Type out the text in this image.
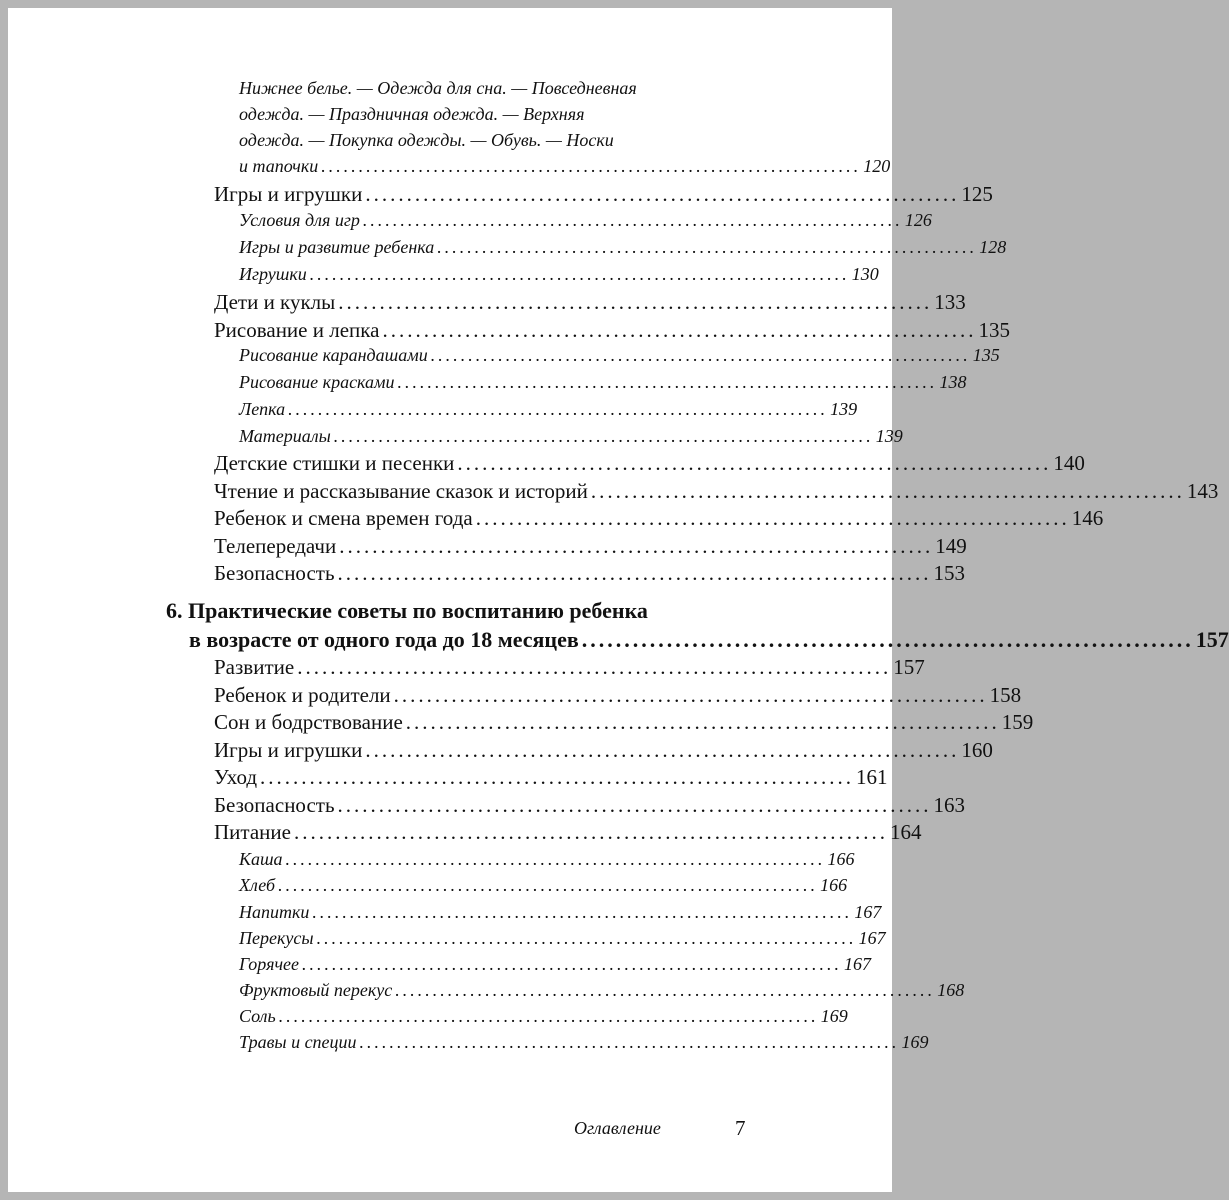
Нижнее белье. — Одежда для сна. — Повседневная
одежда. — Праздничная одежда. — Верхняя
одежда. — Покупка одежды. — Обувь. — Носки
и тапочки ........................................................................ 120
Игры и игрушки ........................................................................ 125
Условия для игр ........................................................................ 126
Игры и развитие ребенка ........................................................................ 128
Игрушки ........................................................................ 130
Дети и куклы ........................................................................ 133
Рисование и лепка ........................................................................ 135
Рисование карандашами ........................................................................ 135
Рисование красками ........................................................................ 138
Лепка ........................................................................ 139
Материалы ........................................................................ 139
Детские стишки и песенки ........................................................................ 140
Чтение и рассказывание сказок и историй ........................................................................ 143
Ребенок и смена времен года ........................................................................ 146
Телепередачи ........................................................................ 149
Безопасность ........................................................................ 153
6. Практические советы по воспитанию ребенка
в возрасте от одного года до 18 месяцев ........................................................................ 157
Развитие ........................................................................ 157
Ребенок и родители ........................................................................ 158
Сон и бодрствование ........................................................................ 159
Игры и игрушки ........................................................................ 160
Уход ........................................................................ 161
Безопасность ........................................................................ 163
Питание ........................................................................ 164
Каша ........................................................................ 166
Хлеб ........................................................................ 166
Напитки ........................................................................ 167
Перекусы ........................................................................ 167
Горячее ........................................................................ 167
Фруктовый перекус ........................................................................ 168
Соль ........................................................................ 169
Травы и специи ........................................................................ 169
Оглавление	7
